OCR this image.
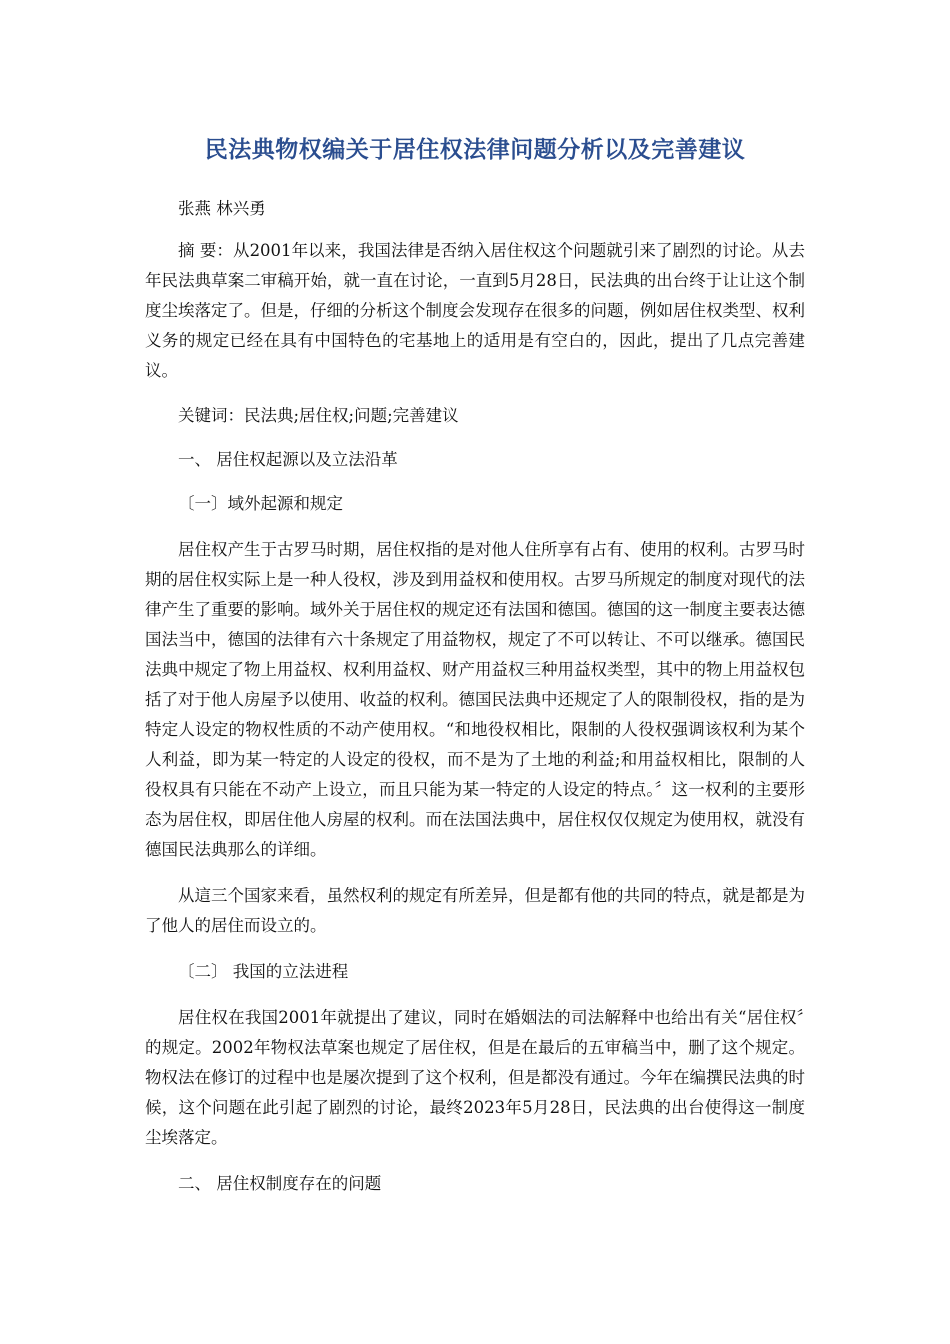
民法典物权编关于居住权法律问题分析以及完善建议

张燕 林兴勇

摘 要：从2001年以来，我国法律是否纳入居住权这个问题就引来了剧烈的讨论。从去年民法典草案二审稿开始，就一直在讨论，一直到5月28日，民法典的出台终于让让这个制度尘埃落定了。但是，仔细的分析这个制度会发现存在很多的问题，例如居住权类型、权利义务的规定已经在具有中国特色的宅基地上的适用是有空白的，因此，提出了几点完善建议。

关键词：民法典;居住权;问题;完善建议

一、 居住权起源以及立法沿革

〔一〕域外起源和规定

居住权产生于古罗马时期，居住权指的是对他人住所享有占有、使用的权利。古罗马时期的居住权实际上是一种人役权，涉及到用益权和使用权。古罗马所规定的制度对现代的法律产生了重要的影响。域外关于居住权的规定还有法国和德国。德国的这一制度主要表达德国法当中，德国的法律有六十条规定了用益物权，规定了不可以转让、不可以继承。德国民法典中规定了物上用益权、权利用益权、财产用益权三种用益权类型，其中的物上用益权包括了对于他人房屋予以使用、收益的权利。德国民法典中还规定了人的限制役权，指的是为特定人设定的物权性质的不动产使用权。“和地役权相比，限制的人役权强调该权利为某个人利益，即为某一特定的人设定的役权，而不是为了土地的利益;和用益权相比，限制的人役权具有只能在不动产上设立，而且只能为某一特定的人设定的特点。〞这一权利的主要形态为居住权，即居住他人房屋的权利。而在法国法典中，居住权仅仅规定为使用权，就没有德国民法典那么的详细。

从這三个国家来看，虽然权利的规定有所差异，但是都有他的共同的特点，就是都是为了他人的居住而设立的。

〔二〕 我国的立法进程

居住权在我国2001年就提出了建议，同时在婚姻法的司法解释中也给出有关“居住权〞的规定。2002年物权法草案也规定了居住权，但是在最后的五审稿当中，删了这个规定。物权法在修订的过程中也是屡次提到了这个权利，但是都没有通过。今年在编撰民法典的时候，这个问题在此引起了剧烈的讨论，最终2023年5月28日，民法典的出台使得这一制度尘埃落定。

二、 居住权制度存在的问题
